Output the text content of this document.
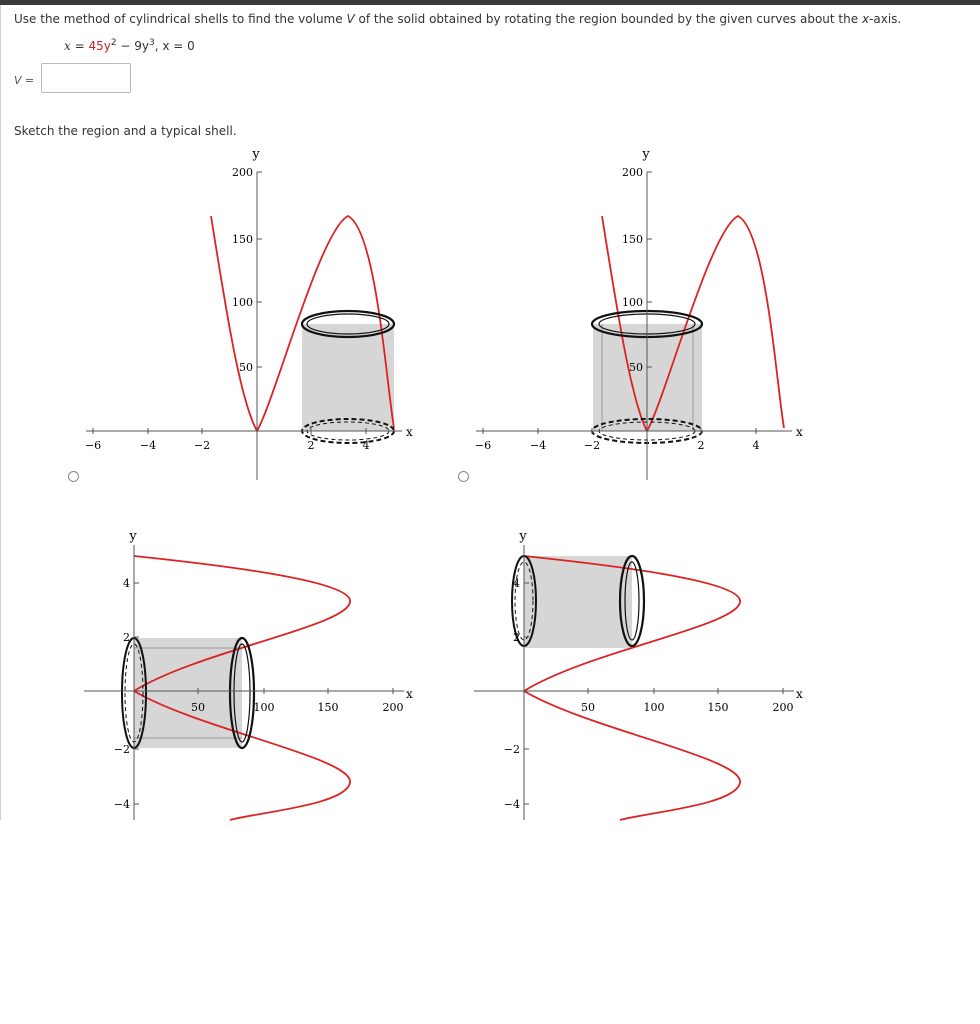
Use the method of cylindrical shells to find the volume V of the solid obtained by rotating the region bounded by the given curves about the x-axis.
$x = 45y^2 - 9y^3$, x = 0
V =
Sketch the region and a typical shell.
−6	−4	−2	2	4
200
150
100
50
x
y
−6	−4	−2	2	4
200
150
100
50
x
y
50	100	150	200
4
2
−2
−4
x
y
50	100	150	200
4
2
−2
−4
x
y
